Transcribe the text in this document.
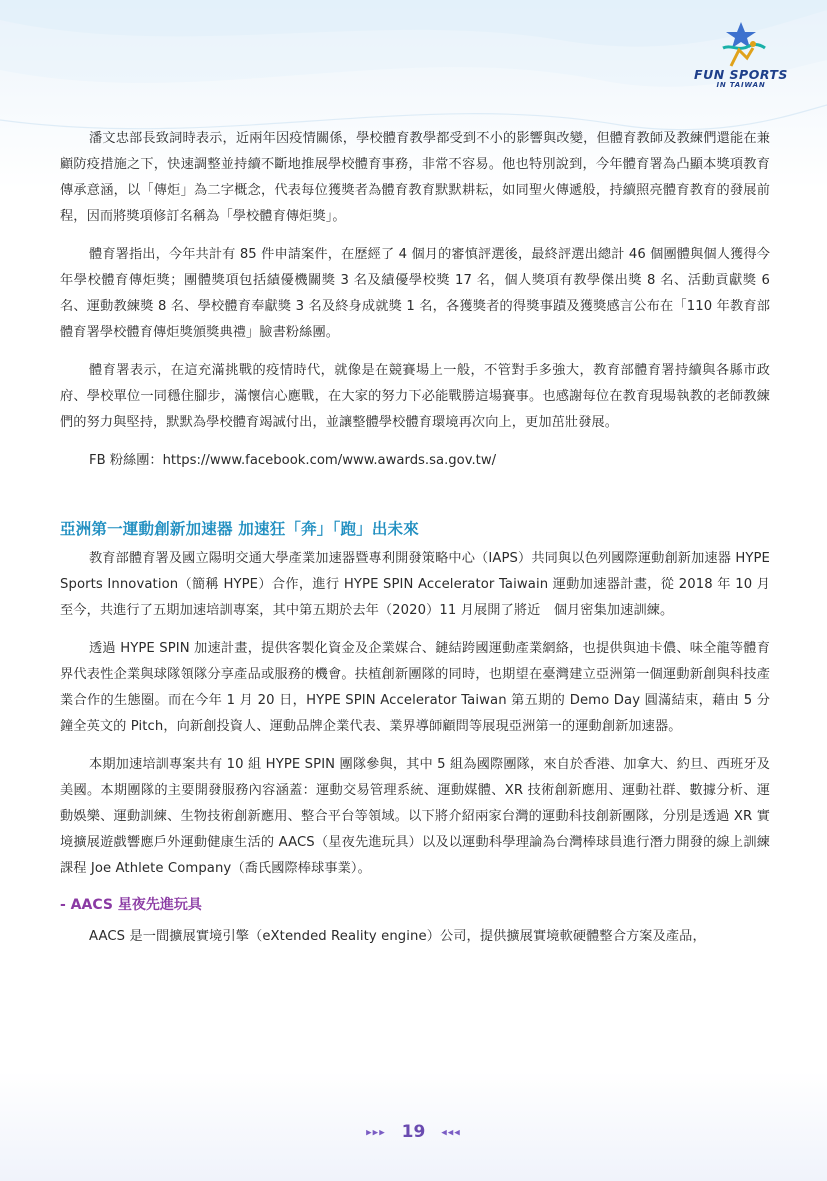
FUN SPORTS
IN TAIWAN

潘文忠部長致詞時表示，近兩年因疫情關係，學校體育教學都受到不小的影響與改變，但體育教師及教練們還能在兼顧防疫措施之下，快速調整並持續不斷地推展學校體育事務，非常不容易。他也特別說到，今年體育署為凸顯本獎項教育傳承意涵，以「傳炬」為二字概念，代表每位獲獎者為體育教育默默耕耘，如同聖火傳遞般，持續照亮體育教育的發展前程，因而將獎項修訂名稱為「學校體育傳炬獎」。

體育署指出，今年共計有 85 件申請案件，在歷經了 4 個月的審慎評選後，最終評選出總計 46 個團體與個人獲得今年學校體育傳炬獎；團體獎項包括績優機關獎 3 名及績優學校獎 17 名，個人獎項有教學傑出獎 8 名、活動貢獻獎 6 名、運動教練獎 8 名、學校體育奉獻獎 3 名及終身成就獎 1 名，各獲獎者的得獎事蹟及獲獎感言公布在「110 年教育部體育署學校體育傳炬獎頒獎典禮」臉書粉絲團。

體育署表示，在這充滿挑戰的疫情時代，就像是在競賽場上一般，不管對手多強大，教育部體育署持續與各縣市政府、學校單位一同穩住腳步，滿懷信心應戰，在大家的努力下必能戰勝這場賽事。也感謝每位在教育現場執教的老師教練們的努力與堅持，默默為學校體育竭誠付出，並讓整體學校體育環境再次向上，更加茁壯發展。

FB 粉絲團：https://www.facebook.com/www.awards.sa.gov.tw/

亞洲第一運動創新加速器 加速狂「奔」「跑」出未來

教育部體育署及國立陽明交通大學產業加速器暨專利開發策略中心（IAPS）共同與以色列國際運動創新加速器 HYPE Sports Innovation（簡稱 HYPE）合作，進行 HYPE SPIN Accelerator Taiwain 運動加速器計畫，從 2018 年 10 月至今，共進行了五期加速培訓專案，其中第五期於去年（2020）11 月展開了將近　個月密集加速訓練。

透過 HYPE SPIN 加速計畫，提供客製化資金及企業媒合、鏈結跨國運動產業網絡，也提供與迪卡儂、味全龍等體育界代表性企業與球隊領隊分享產品或服務的機會。扶植創新團隊的同時，也期望在臺灣建立亞洲第一個運動新創與科技產業合作的生態圈。而在今年 1 月 20 日，HYPE SPIN Accelerator Taiwan 第五期的 Demo Day 圓滿結束，藉由 5 分鐘全英文的 Pitch，向新創投資人、運動品牌企業代表、業界導師顧問等展現亞洲第一的運動創新加速器。

本期加速培訓專案共有 10 組 HYPE SPIN 團隊參與，其中 5 組為國際團隊，來自於香港、加拿大、約旦、西班牙及美國。本期團隊的主要開發服務內容涵蓋：運動交易管理系統、運動媒體、XR 技術創新應用、運動社群、數據分析、運動娛樂、運動訓練、生物技術創新應用、整合平台等領域。以下將介紹兩家台灣的運動科技創新團隊，分別是透過 XR 實境擴展遊戲響應戶外運動健康生活的 AACS（星夜先進玩具）以及以運動科學理論為台灣棒球員進行潛力開發的線上訓練課程 Joe Athlete Company（喬氏國際棒球事業）。

- AACS 星夜先進玩具

AACS 是一間擴展實境引擎（eXtended Reality engine）公司，提供擴展實境軟硬體整合方案及產品，

▸▸▸ 19 ◂◂◂
